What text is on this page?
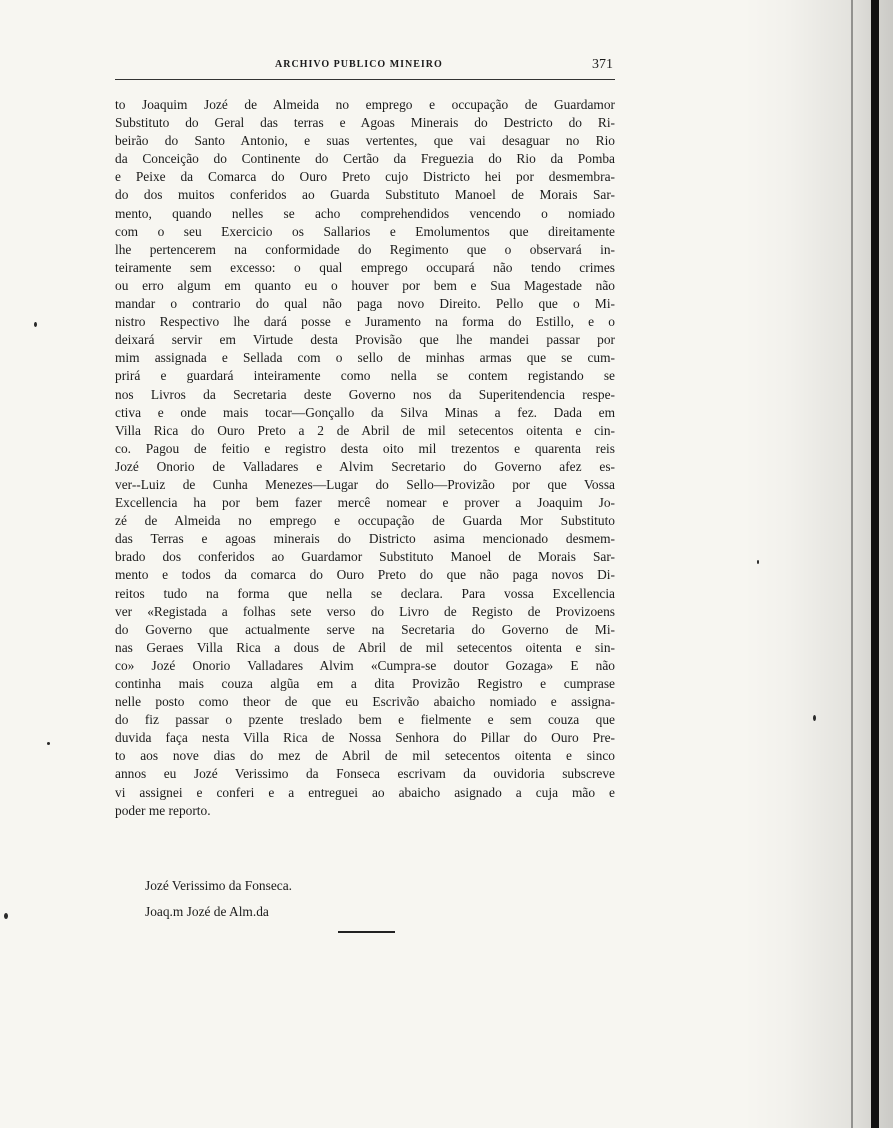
ARCHIVO PUBLICO MINEIRO	371
to Joaquim Jozé de Almeida no emprego e occupação de Guardamor
Substituto do Geral das terras e Agoas Minerais do Destricto do Ri-
beirão do Santo Antonio, e suas vertentes, que vai desaguar no Rio
da Conceição do Continente do Certão da Freguezia do Rio da Pomba
e Peixe da Comarca do Ouro Preto cujo Districto hei por desmembra-
do dos muitos conferidos ao Guarda Substituto Manoel de Morais Sar-
mento, quando nelles se acho comprehendidos vencendo o nomiado
com o seu Exercicio os Sallarios e Emolumentos que direitamente
lhe pertencerem na conformidade do Regimento que o observará in-
teiramente sem excesso: o qual emprego occupará não tendo crimes
ou erro algum em quanto eu o houver por bem e Sua Magestade não
mandar o contrario do qual não paga novo Direito. Pello que o Mi-
nistro Respectivo lhe dará posse e Juramento na forma do Estillo, e o
deixará servir em Virtude desta Provisão que lhe mandei passar por
mim assignada e Sellada com o sello de minhas armas que se cum-
prirá e guardará inteiramente como nella se contem registando se
nos Livros da Secretaria deste Governo nos da Superitendencia respe-
ctiva e onde mais tocar—Gonçallo da Silva Minas a fez. Dada em
Villa Rica do Ouro Preto a 2 de Abril de mil setecentos oitenta e cin-
co. Pagou de feitio e registro desta oito mil trezentos e quarenta reis
Jozé Onorio de Valladares e Alvim Secretario do Governo afez es-
ver--Luiz de Cunha Menezes—Lugar do Sello—Provizão por que Vossa
Excellencia ha por bem fazer mercê nomear e prover a Joaquim Jo-
zé de Almeida no emprego e occupação de Guarda Mor Substituto
das Terras e agoas minerais do Districto asima mencionado desmem-
brado dos conferidos ao Guardamor Substituto Manoel de Morais Sar-
mento e todos da comarca do Ouro Preto do que não paga novos Di-
reitos tudo na forma que nella se declara. Para vossa Excellencia
ver «Registada a folhas sete verso do Livro de Registo de Provizoens
do Governo que actualmente serve na Secretaria do Governo de Mi-
nas Geraes Villa Rica a dous de Abril de mil setecentos oitenta e sin-
co» Jozé Onorio Valladares Alvim «Cumpra-se doutor Gozaga» E não
continha mais couza algũa em a dita Provizão Registro e cumprase
nelle posto como theor de que eu Escrivão abaicho nomiado e assigna-
do fiz passar o pzente treslado bem e fielmente e sem couza que
duvida faça nesta Villa Rica de Nossa Senhora do Pillar do Ouro Pre-
to aos nove dias do mez de Abril de mil setecentos oitenta e sinco
annos eu Jozé Verissimo da Fonseca escrivam da ouvidoria subscreve
vi assignei e conferi e a entreguei ao abaicho asignado a cuja mão e
poder me reporto.
Jozé Verissimo da Fonseca.
Joaq.m Jozé de Alm.da
